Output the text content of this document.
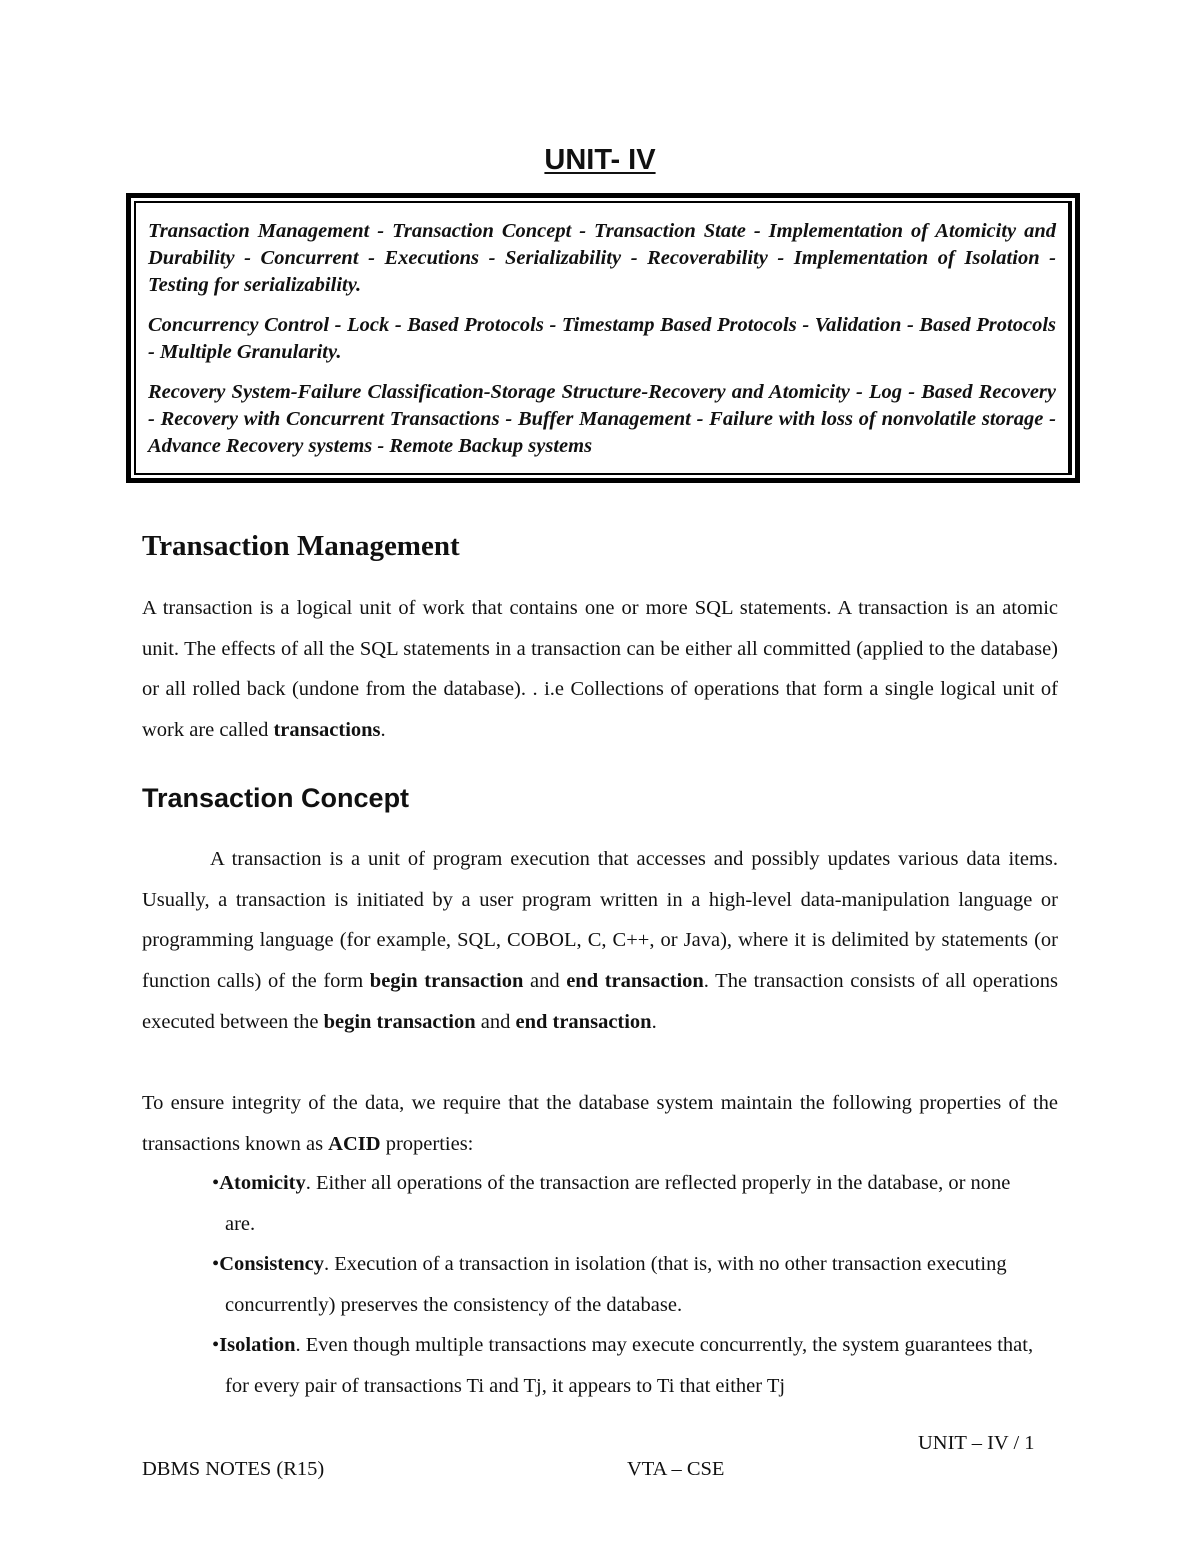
UNIT- IV

Transaction Management - Transaction Concept - Transaction State - Implementation of Atomicity and Durability - Concurrent - Executions - Serializability - Recoverability - Implementation of Isolation - Testing for serializability.

Concurrency Control - Lock - Based Protocols - Timestamp Based Protocols - Validation - Based Protocols - Multiple Granularity.

Recovery System-Failure Classification-Storage Structure-Recovery and Atomicity - Log - Based Recovery - Recovery with Concurrent Transactions - Buffer Management - Failure with loss of nonvolatile storage - Advance Recovery systems - Remote Backup systems

Transaction Management

A transaction is a logical unit of work that contains one or more SQL statements. A transaction is an atomic unit. The effects of all the SQL statements in a transaction can be either all committed (applied to the database) or all rolled back (undone from the database). . i.e Collections of operations that form a single logical unit of work are called transactions.

Transaction Concept

A transaction is a unit of program execution that accesses and possibly updates various data items. Usually, a transaction is initiated by a user program written in a high-level data-manipulation language or programming language (for example, SQL, COBOL, C, C++, or Java), where it is delimited by statements (or function calls) of the form begin transaction and end transaction. The transaction consists of all operations executed between the begin transaction and end transaction.

To ensure integrity of the data, we require that the database system maintain the following properties of the transactions known as ACID properties:

• Atomicity. Either all operations of the transaction are reflected properly in the database, or none are.
• Consistency. Execution of a transaction in isolation (that is, with no other transaction executing concurrently) preserves the consistency of the database.
• Isolation. Even though multiple transactions may execute concurrently, the system guarantees that, for every pair of transactions Ti and Tj, it appears to Ti that either Tj

UNIT – IV / 1

DBMS NOTES (R15)	VTA – CSE
